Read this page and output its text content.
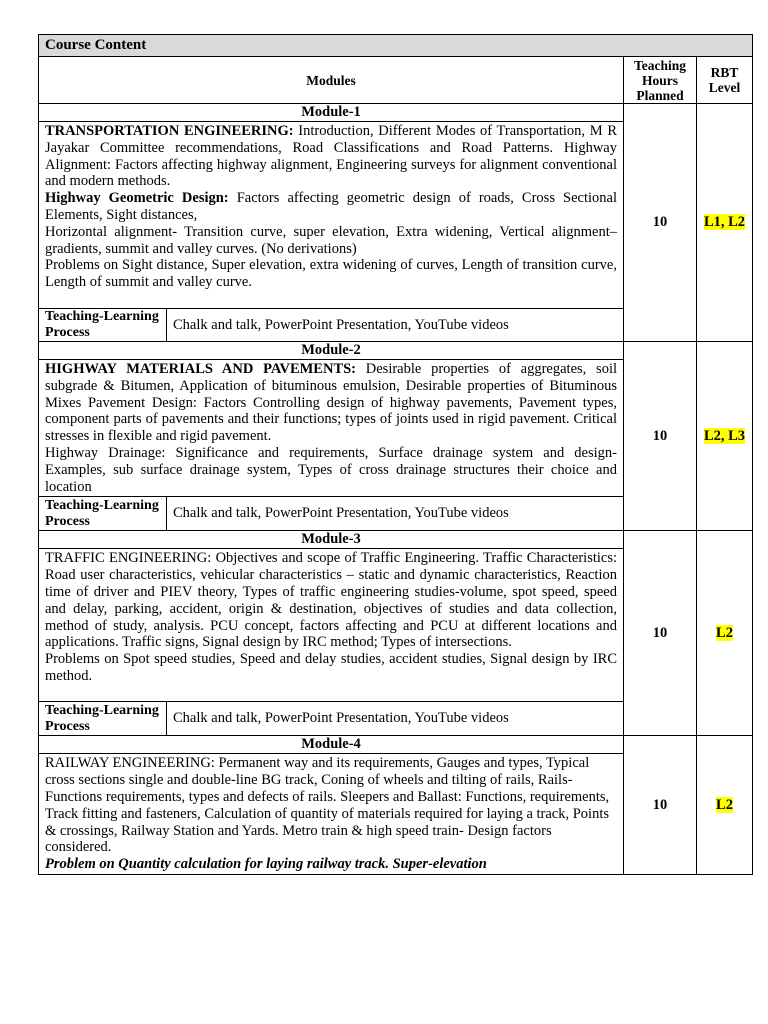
Course Content			
Modules		Teaching Hours Planned	RBT Level
Module-1		10	L1, L2

TRANSPORTATION ENGINEERING: Introduction, Different Modes of Transportation, M R Jayakar Committee recommendations, Road Classifications and Road Patterns. Highway Alignment: Factors affecting highway alignment, Engineering surveys for alignment conventional and modern methods.

Highway Geometric Design: Factors affecting geometric design of roads, Cross Sectional Elements, Sight distances,

Horizontal alignment- Transition curve, super elevation, Extra widening, Vertical alignment–gradients, summit and valley curves. (No derivations)

Problems on Sight distance, Super elevation, extra widening of curves, Length of transition curve, Length of summit and valley curve.			

Teaching-Learning Process	Chalk and talk, PowerPoint Presentation, YouTube videos		
Module-2		10	L2, L3

HIGHWAY MATERIALS AND PAVEMENTS: Desirable properties of aggregates, soil subgrade & Bitumen, Application of bituminous emulsion, Desirable properties of Bituminous Mixes Pavement Design: Factors Controlling design of highway pavements, Pavement types, component parts of pavements and their functions; types of joints used in rigid pavement. Critical stresses in flexible and rigid pavement.

Highway Drainage: Significance and requirements, Surface drainage system and design-Examples, sub surface drainage system, Types of cross drainage structures their choice and location			

Teaching-Learning Process	Chalk and talk, PowerPoint Presentation, YouTube videos		
Module-3		10	L2

TRAFFIC ENGINEERING: Objectives and scope of Traffic Engineering. Traffic Characteristics: Road user characteristics, vehicular characteristics – static and dynamic characteristics, Reaction time of driver and PIEV theory, Types of traffic engineering studies-volume, spot speed, speed and delay, parking, accident, origin & destination, objectives of studies and data collection, method of study, analysis. PCU concept, factors affecting and PCU at different locations and applications. Traffic signs, Signal design by IRC method; Types of intersections.

Problems on Spot speed studies, Speed and delay studies, accident studies, Signal design by IRC method.			

Teaching-Learning Process	Chalk and talk, PowerPoint Presentation, YouTube videos		
Module-4		10	L2

RAILWAY ENGINEERING: Permanent way and its requirements, Gauges and types, Typical cross sections single and double-line BG track, Coning of wheels and tilting of rails, Rails-Functions requirements, types and defects of rails. Sleepers and Ballast: Functions, requirements, Track fitting and fasteners, Calculation of quantity of materials required for laying a track, Points & crossings, Railway Station and Yards. Metro train & high speed train- Design factors considered.

Problem on Quantity calculation for laying railway track. Super-elevation			
